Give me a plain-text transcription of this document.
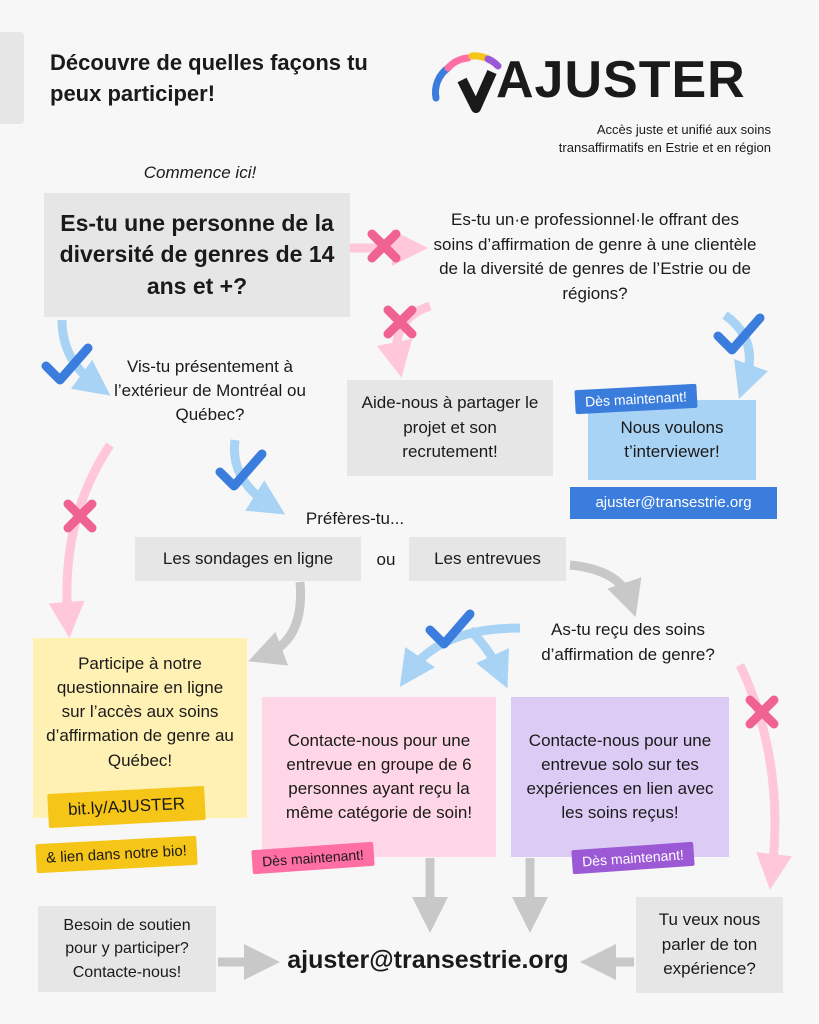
Découvre de quelles façons tu peux participer!	AJUSTER
Accès juste et unifié aux soins
transaffirmatifs en Estrie et en région
Commence ici!
Es-tu une personne de la diversité de genres de 14 ans et +?
Es-tu un·e professionnel·le offrant des soins d’affirmation de genre à une clientèle de la diversité de genres de l’Estrie ou de régions?
Vis-tu présentement à l’extérieur de Montréal ou Québec?
Aide-nous à partager le projet et son recrutement!
Nous voulons t’interviewer!
Dès maintenant!
ajuster@transestrie.org
Préfères-tu...
Les sondages en ligne	ou	Les entrevues
As-tu reçu des soins d’affirmation de genre?
Participe à notre questionnaire en ligne sur l’accès aux soins d’affirmation de genre au Québec!
bit.ly/AJUSTER
& lien dans notre bio!
Contacte-nous pour une entrevue en groupe de 6 personnes ayant reçu la même catégorie de soin!
Dès maintenant!
Contacte-nous pour une entrevue solo sur tes expériences en lien avec les soins reçus!
Dès maintenant!
Besoin de soutien pour y participer? Contacte-nous!	ajuster@transestrie.org
Tu veux nous parler de ton expérience?
